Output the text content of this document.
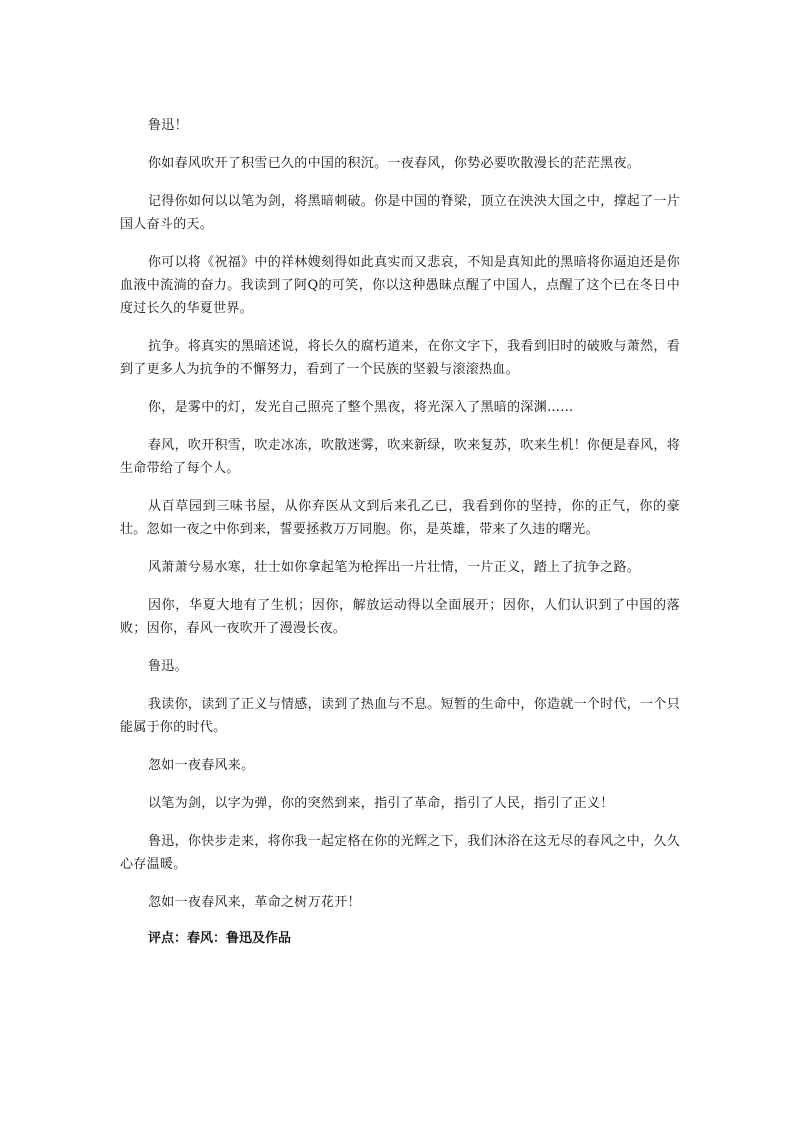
鲁迅！

你如春风吹开了积雪已久的中国的积沉。一夜春风，你势必要吹散漫长的茫茫黑夜。

记得你如何以以笔为剑，将黑暗刺破。你是中国的脊梁，顶立在泱泱大国之中，撑起了一片国人奋斗的天。

你可以将《祝福》中的祥林嫂刻得如此真实而又悲哀，不知是真知此的黑暗将你逼迫还是你血液中流淌的奋力。我读到了阿Q的可笑，你以这种愚昧点醒了中国人，点醒了这个已在冬日中度过长久的华夏世界。

抗争。将真实的黑暗述说，将长久的腐朽道来，在你文字下，我看到旧时的破败与萧然，看到了更多人为抗争的不懈努力，看到了一个民族的坚毅与滚滚热血。

你，是雾中的灯，发光自己照亮了整个黑夜，将光深入了黑暗的深渊……

春风，吹开积雪，吹走冰冻，吹散迷雾，吹来新绿，吹来复苏，吹来生机！你便是春风，将生命带给了每个人。

从百草园到三味书屋，从你弃医从文到后来孔乙已，我看到你的坚持，你的正气，你的豪壮。忽如一夜之中你到来，誓要拯救万万同胞。你，是英雄，带来了久违的曙光。

风萧萧兮易水寒，壮士如你拿起笔为枪挥出一片壮情，一片正义，踏上了抗争之路。

因你，华夏大地有了生机；因你，解放运动得以全面展开；因你，人们认识到了中国的落败；因你，春风一夜吹开了漫漫长夜。

鲁迅。

我读你，读到了正义与情感，读到了热血与不息。短暂的生命中，你造就一个时代，一个只能属于你的时代。

忽如一夜春风来。

以笔为剑，以字为弹，你的突然到来，指引了革命，指引了人民，指引了正义！

鲁迅，你快步走来，将你我一起定格在你的光辉之下，我们沐浴在这无尽的春风之中，久久心存温暖。

忽如一夜春风来，革命之树万花开！

评点：春风：鲁迅及作品
